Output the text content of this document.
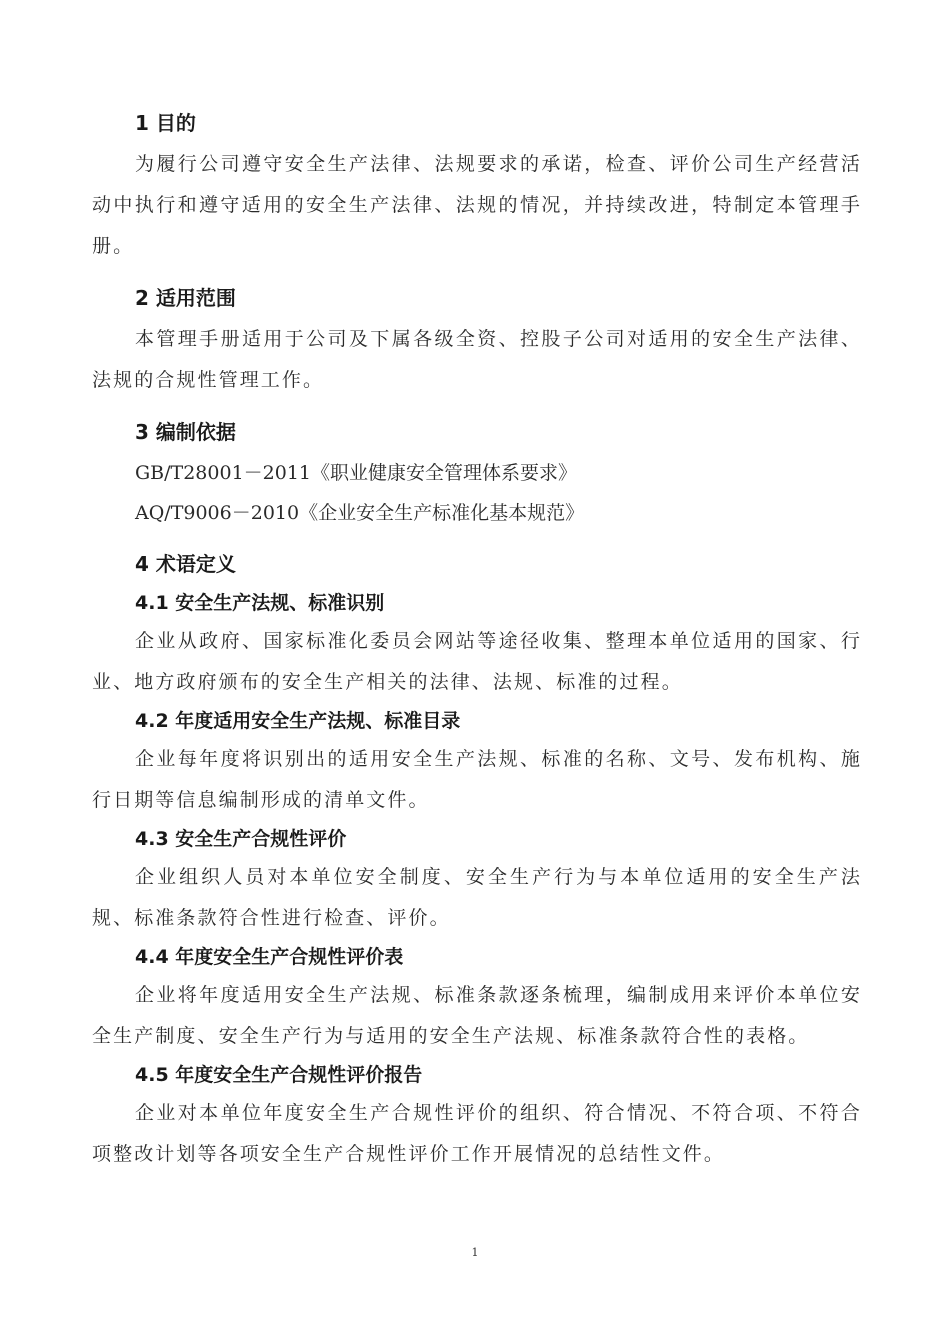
1 目的

为履行公司遵守安全生产法律、法规要求的承诺，检查、评价公司生产经营活动中执行和遵守适用的安全生产法律、法规的情况，并持续改进，特制定本管理手册。

2 适用范围

本管理手册适用于公司及下属各级全资、控股子公司对适用的安全生产法律、法规的合规性管理工作。

3 编制依据

GB/T28001－2011《职业健康安全管理体系要求》

AQ/T9006－2010《企业安全生产标准化基本规范》

4 术语定义
4.1 安全生产法规、标准识别

企业从政府、国家标准化委员会网站等途径收集、整理本单位适用的国家、行业、地方政府颁布的安全生产相关的法律、法规、标准的过程。

4.2 年度适用安全生产法规、标准目录

企业每年度将识别出的适用安全生产法规、标准的名称、文号、发布机构、施行日期等信息编制形成的清单文件。

4.3 安全生产合规性评价

企业组织人员对本单位安全制度、安全生产行为与本单位适用的安全生产法规、标准条款符合性进行检查、评价。

4.4 年度安全生产合规性评价表

企业将年度适用安全生产法规、标准条款逐条梳理，编制成用来评价本单位安全生产制度、安全生产行为与适用的安全生产法规、标准条款符合性的表格。

4.5 年度安全生产合规性评价报告

企业对本单位年度安全生产合规性评价的组织、符合情况、不符合项、不符合项整改计划等各项安全生产合规性评价工作开展情况的总结性文件。

1
